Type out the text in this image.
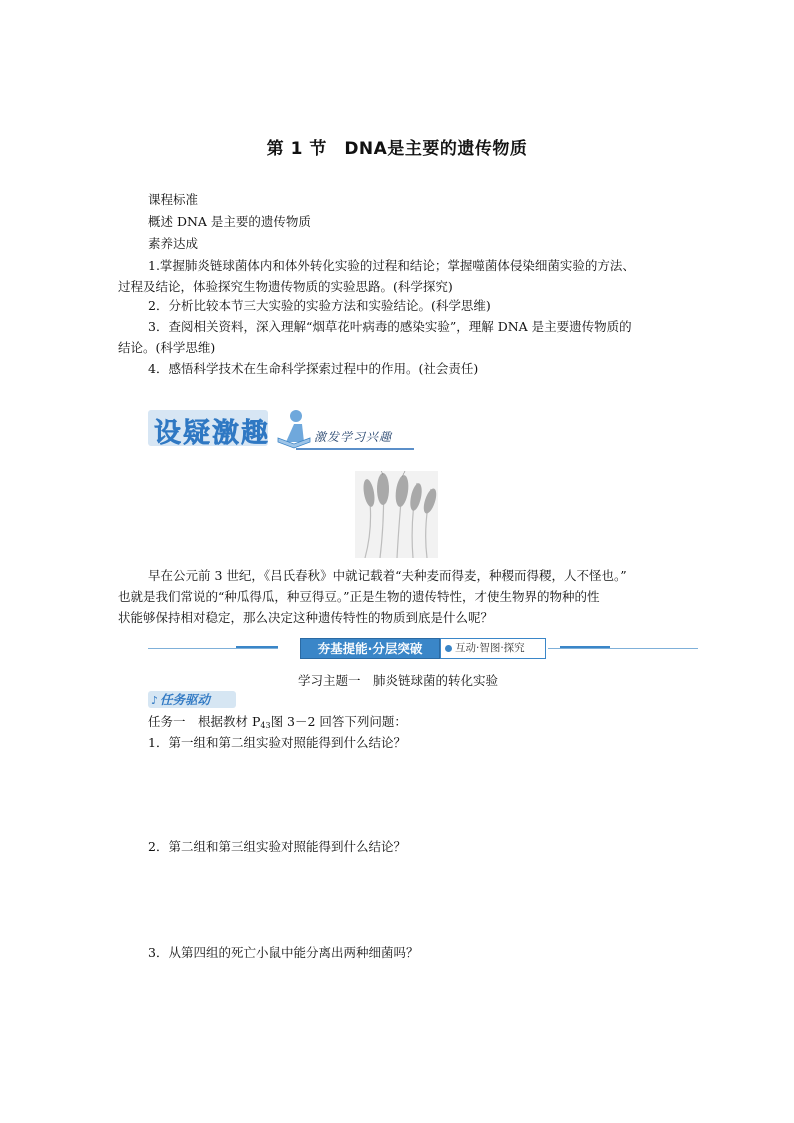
第 1 节　DNA是主要的遗传物质
课程标准
概述 DNA 是主要的遗传物质
素养达成
1.掌握肺炎链球菌体内和体外转化实验的过程和结论；掌握噬菌体侵染细菌实验的方法、
过程及结论，体验探究生物遗传物质的实验思路。(科学探究)
2．分析比较本节三大实验的实验方法和实验结论。(科学思维)
3．查阅相关资料，深入理解“烟草花叶病毒的感染实验”，理解 DNA 是主要遗传物质的
结论。(科学思维)
4．感悟科学技术在生命科学探索过程中的作用。(社会责任)
设疑激趣	激发学习兴趣
早在公元前 3 世纪，《吕氏春秋》中就记载着“夫种麦而得麦，种稷而得稷，人不怪也。”
也就是我们常说的“种瓜得瓜，种豆得豆。”正是生物的遗传特性，才使生物界的物种的性
状能够保持相对稳定，那么决定这种遗传特性的物质到底是什么呢？
夯基提能·分层突破	互动·智图·探究
学习主题一　肺炎链球菌的转化实验
♪ 任务驱动
任务一　根据教材 $P_{43}$图 3－2 回答下列问题：
1．第一组和第二组实验对照能得到什么结论？
2．第二组和第三组实验对照能得到什么结论？
3．从第四组的死亡小鼠中能分离出两种细菌吗？
